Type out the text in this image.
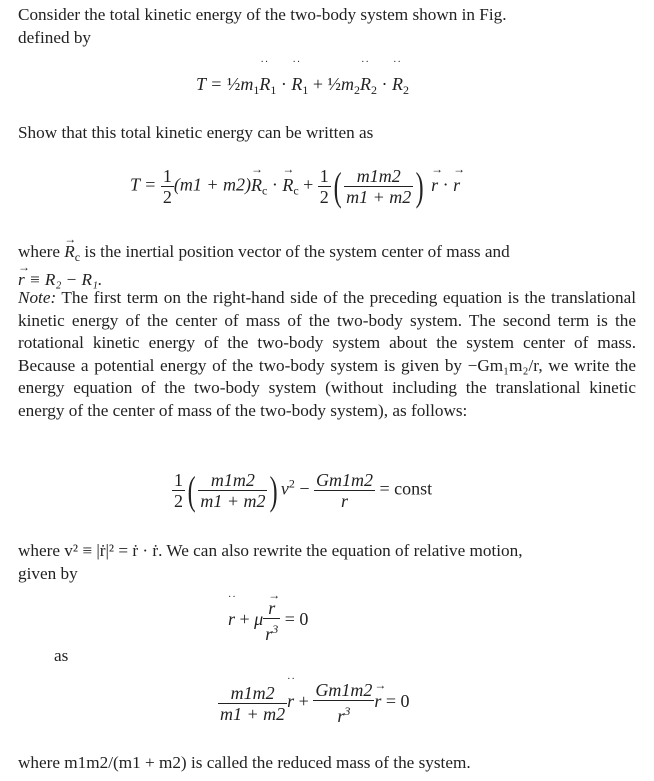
Consider the total kinetic energy of the two-body system shown in Fig.
defined by
$T = \frac{1}{2}m_1$
··
$R_1$ ·
··
$R_1$ + $\frac{1}{2}m_2$
··
$R_2$ ·
··
$R_2$
Show that this total kinetic energy can be written as
$T = \frac{1}{2} (m1 + m2)$
→
$R_c$ ·
→
$R_c + \frac{1}{2}$ ( $\frac{m1m2}{m1 + m2}$ ) →
r ·
→
r
where
→
$R_c$ is the inertial position vector of the system center of mass and
→
r ≡ R₂ − R₁.
Note: The first term on the right-hand side of the preceding equation is the translational kinetic energy of the center of mass of the two-body system. The second term is the rotational kinetic energy of the two-body system about the system center of mass. Because a potential energy of the two-body system is given by −Gm₁m₂/r, we write the energy equation of the two-body system (without including the translational kinetic energy of the center of mass of the two-body system), as follows:
$\frac{1}{2}$ ( $\frac{m1m2}{m1 + m2}$ ) $v^2 - \frac{Gm1m2}{r}$ = const
where v² ≡ |ṙ|² = ṙ · ṙ. We can also rewrite the equation of relative motion,
given by
··
r + μ →
r
$r^3 = 0$
as
$\frac{m1m2}{m1 + m2}$
··
$r + \frac{Gm1m2}{r^3}$ →
r = 0
where m1m2/(m1 + m2) is called the reduced mass of the system.
